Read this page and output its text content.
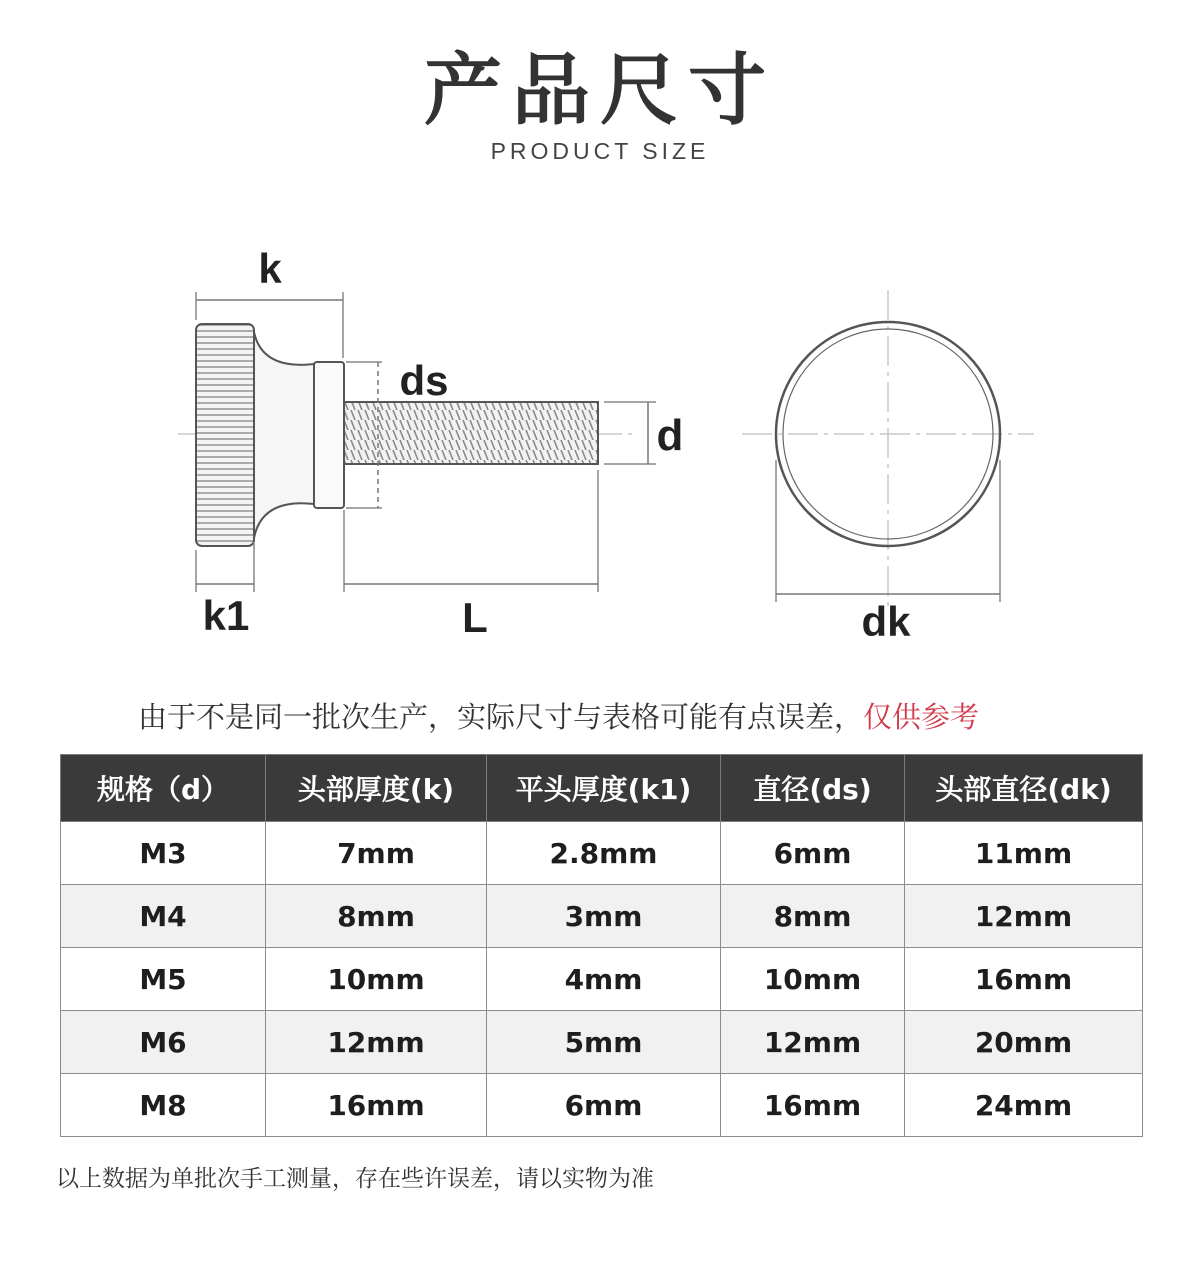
产品尺寸
PRODUCT SIZE
k
ds
d
k1	L	dk
由于不是同一批次生产，实际尺寸与表格可能有点误差，仅供参考
规格（d）	头部厚度(k)	平头厚度(k1)	直径(ds)	头部直径(dk)
M3	7mm	2.8mm	6mm	11mm
M4	8mm	3mm	8mm	12mm
M5	10mm	4mm	10mm	16mm
M6	12mm	5mm	12mm	20mm
M8	16mm	6mm	16mm	24mm
以上数据为单批次手工测量，存在些许误差，请以实物为准
